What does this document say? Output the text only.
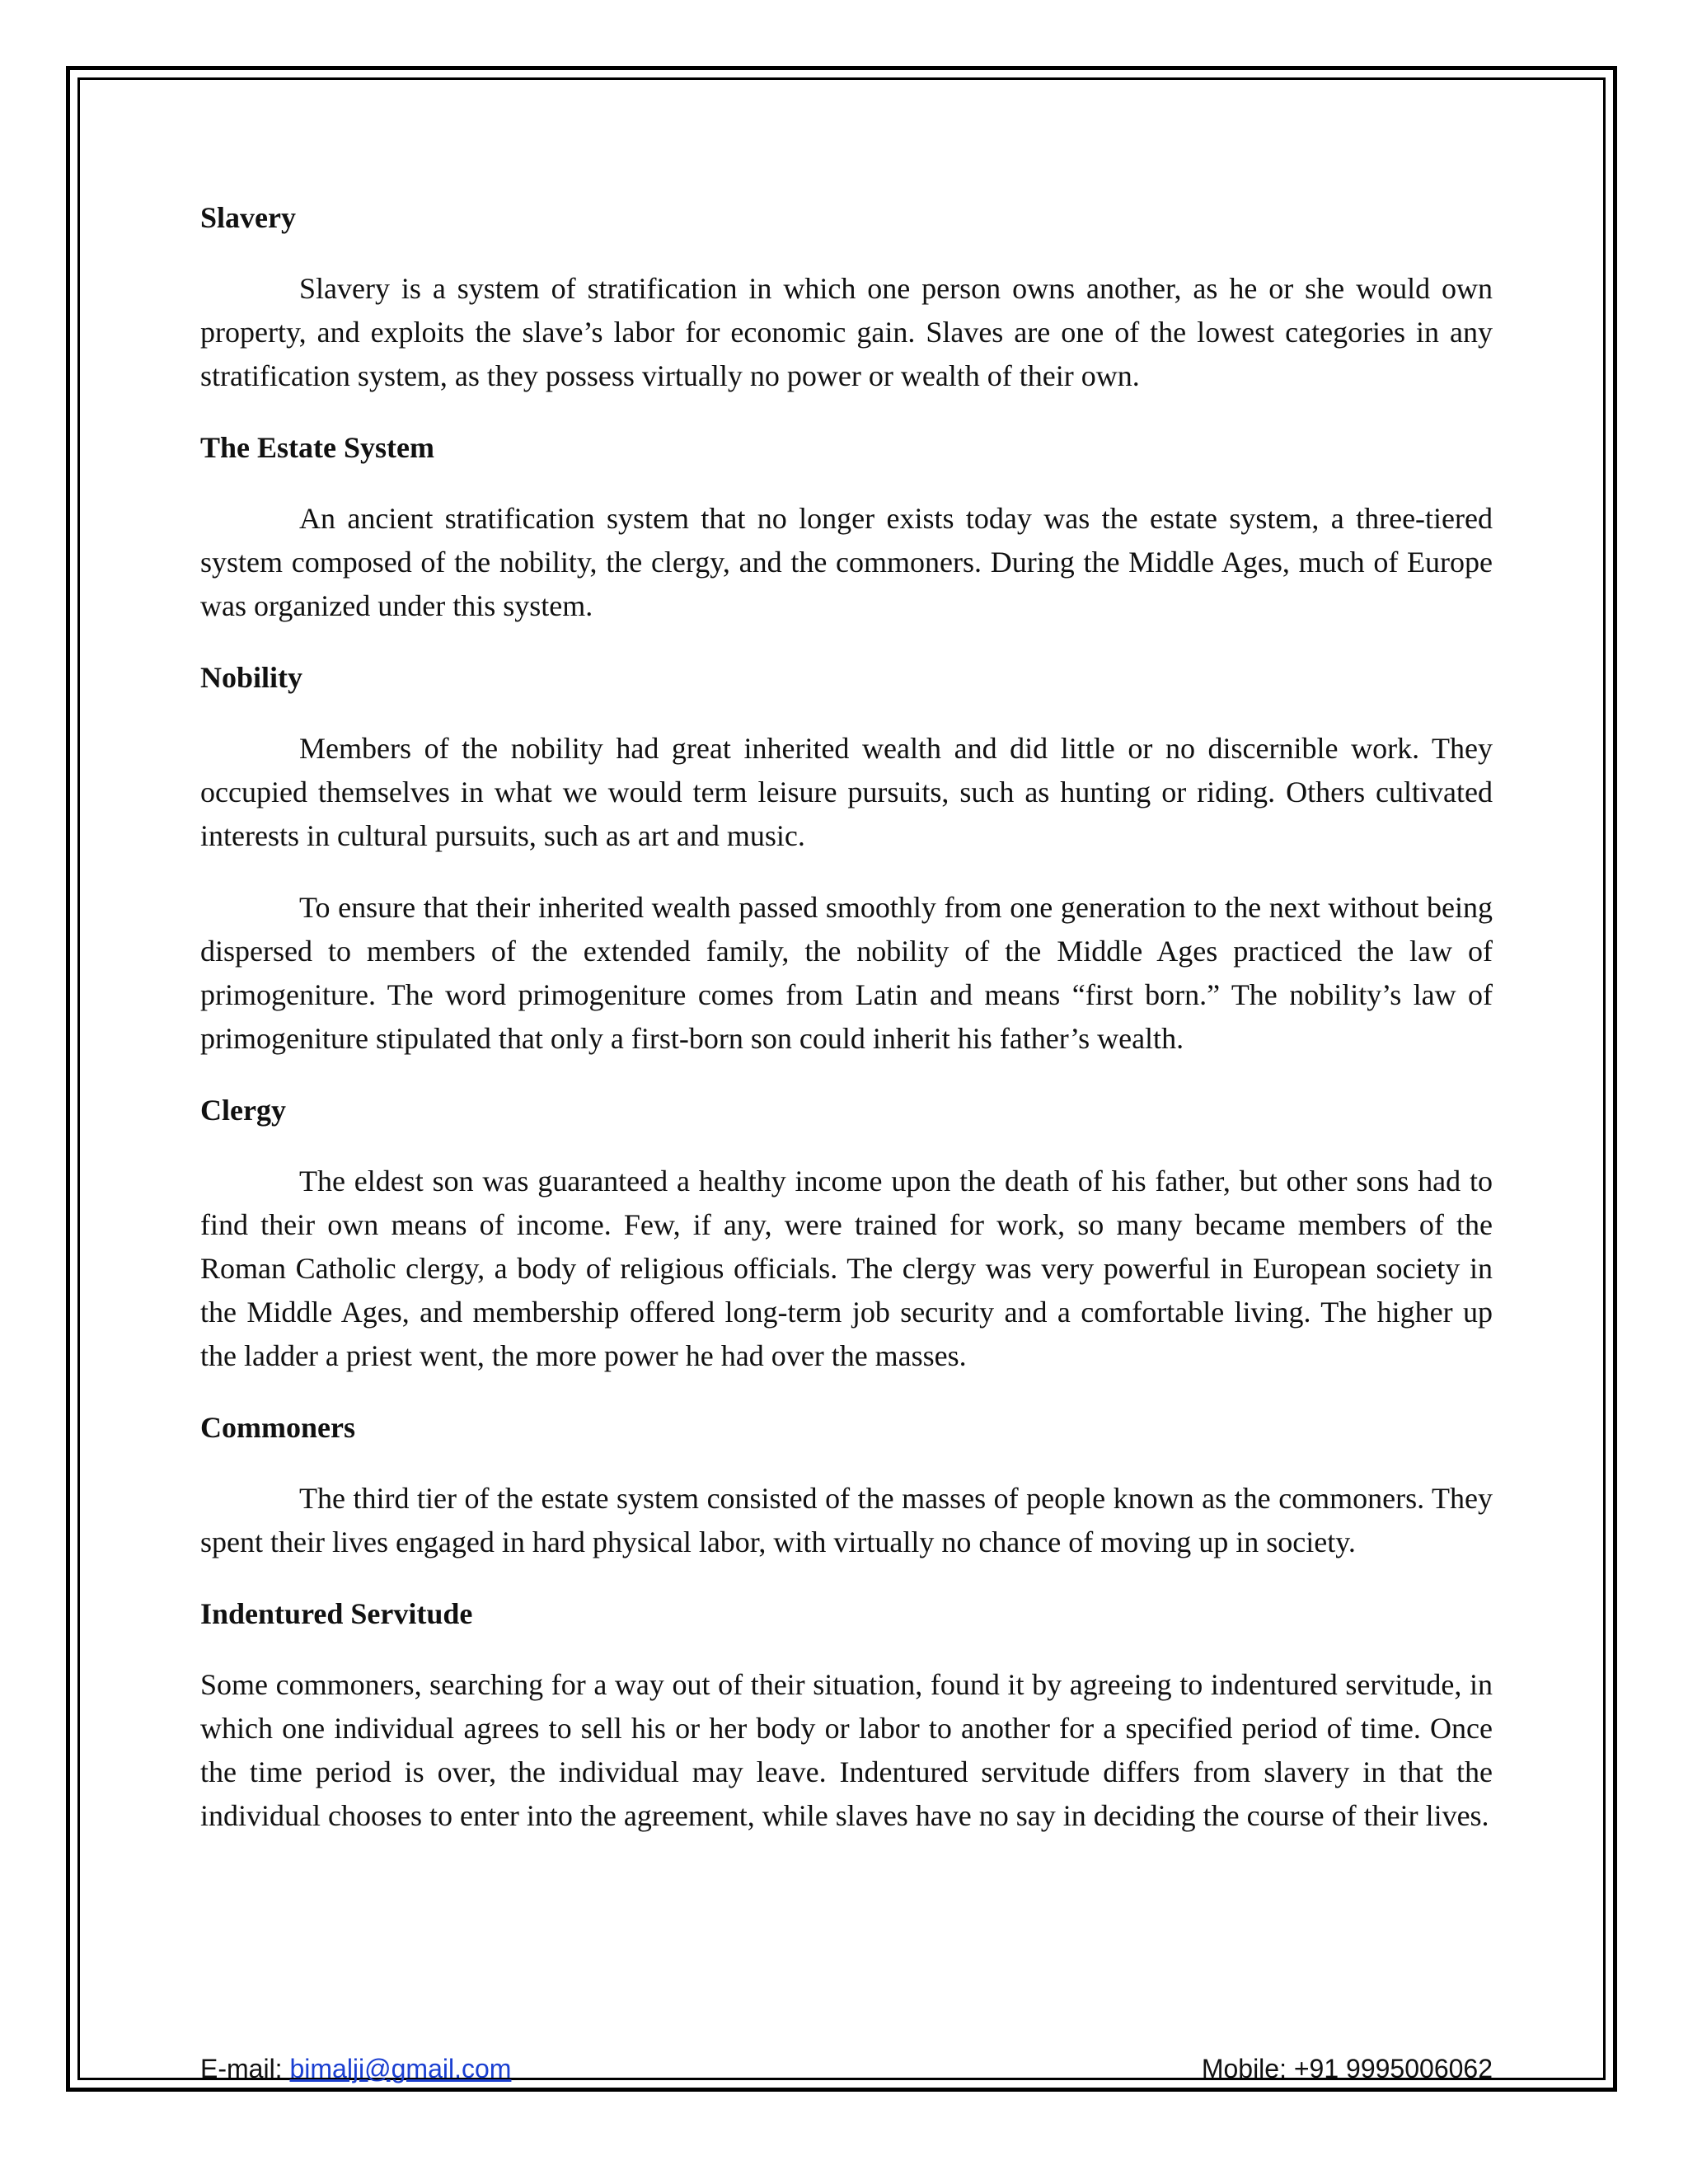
Slavery

Slavery is a system of stratification in which one person owns another, as he or she would own property, and exploits the slave’s labor for economic gain. Slaves are one of the lowest categories in any stratification system, as they possess virtually no power or wealth of their own.

The Estate System

An ancient stratification system that no longer exists today was the estate system, a three-tiered system composed of the nobility, the clergy, and the commoners. During the Middle Ages, much of Europe was organized under this system.

Nobility

Members of the nobility had great inherited wealth and did little or no discernible work. They occupied themselves in what we would term leisure pursuits, such as hunting or riding. Others cultivated interests in cultural pursuits, such as art and music.

To ensure that their inherited wealth passed smoothly from one generation to the next without being dispersed to members of the extended family, the nobility of the Middle Ages practiced the law of primogeniture. The word primogeniture comes from Latin and means “first born.” The nobility’s law of primogeniture stipulated that only a first-born son could inherit his father’s wealth.

Clergy

The eldest son was guaranteed a healthy income upon the death of his father, but other sons had to find their own means of income. Few, if any, were trained for work, so many became members of the Roman Catholic clergy, a body of religious officials. The clergy was very powerful in European society in the Middle Ages, and membership offered long-term job security and a comfortable living. The higher up the ladder a priest went, the more power he had over the masses.

Commoners

The third tier of the estate system consisted of the masses of people known as the commoners. They spent their lives engaged in hard physical labor, with virtually no chance of moving up in society.

Indentured Servitude

Some commoners, searching for a way out of their situation, found it by agreeing to indentured servitude, in which one individual agrees to sell his or her body or labor to another for a specified period of time. Once the time period is over, the individual may leave. Indentured servitude differs from slavery in that the individual chooses to enter into the agreement, while slaves have no say in deciding the course of their lives.

E-mail: bimalji@gmail.com	Mobile: +91 9995006062
